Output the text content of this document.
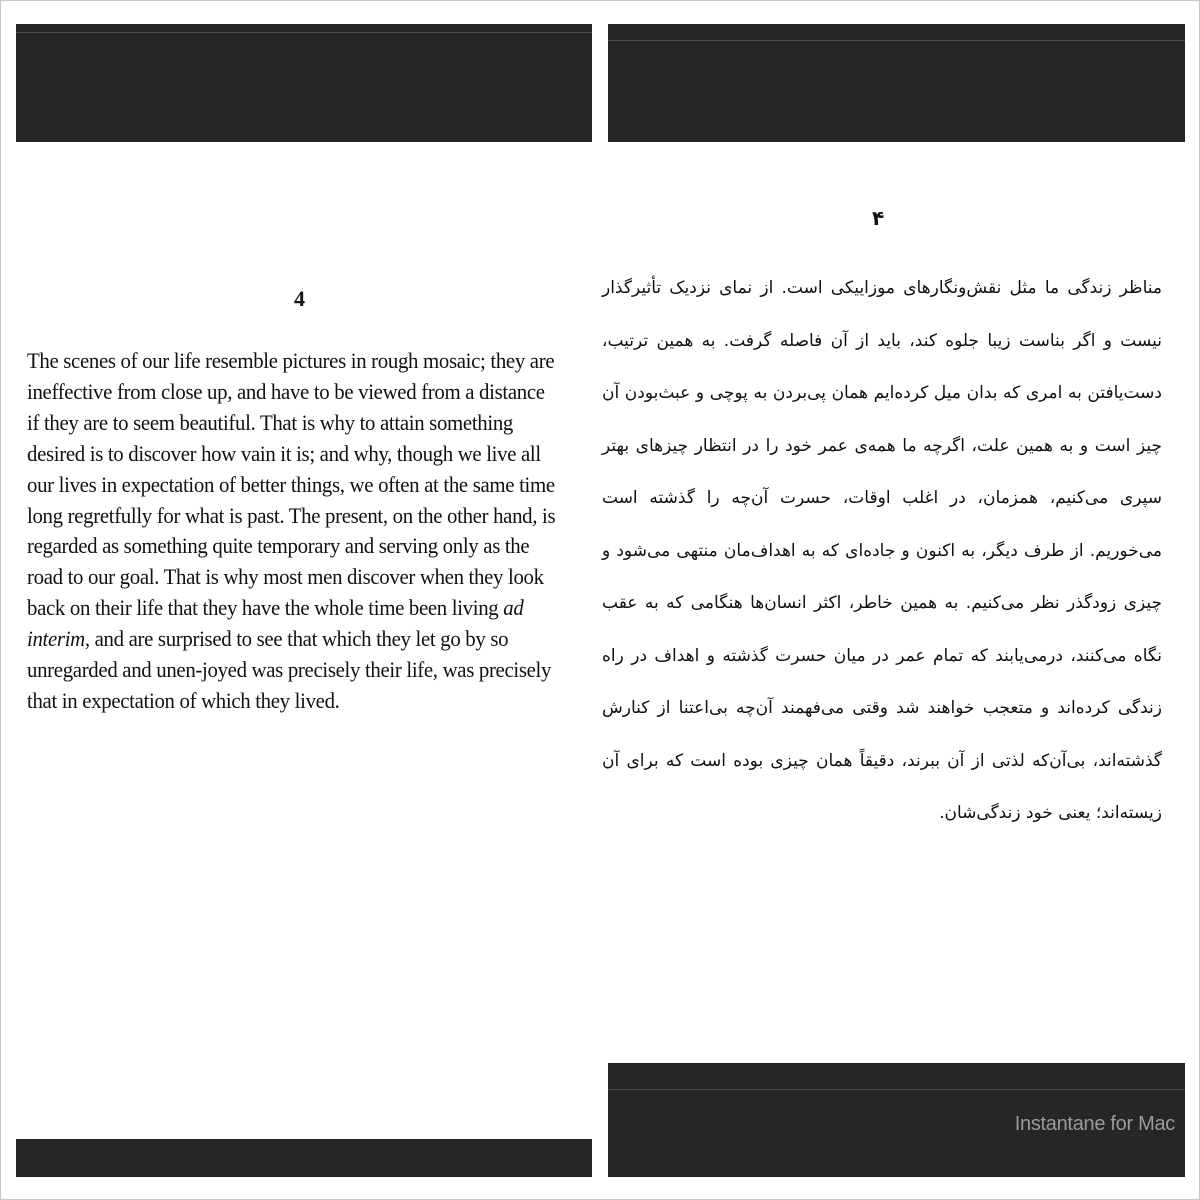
4

The scenes of our life resemble pictures in rough mosaic; they are ineffective from close up, and have to be viewed from a distance if they are to seem beautiful. That is why to attain something desired is to discover how vain it is; and why, though we live all our lives in expectation of better things, we often at the same time long regretfully for what is past. The present, on the other hand, is regarded as something quite temporary and serving only as the road to our goal. That is why most men discover when they look back on their life that they have the whole time been living ad interim, and are surprised to see that which they let go by so unregarded and unen-joyed was precisely their life, was precisely that in expectation of which they lived.

۴

مناظر زندگی ما مثل نقش‌ونگارهای موزاییکی است. از نمای نزدیک تأثیرگذار نیست و اگر بناست زیبا جلوه کند، باید از آن فاصله گرفت. به همین ترتیب، دست‌یافتن به امری که بدان میل کرده‌ایم همان پی‌بردن به پوچی و عبث‌بودن آن چیز است و به همین علت، اگرچه ما همه‌ی عمر خود را در انتظار چیزهای بهتر سپری می‌کنیم، همزمان، در اغلب اوقات، حسرت آن‌چه را گذشته است می‌خوریم. از طرف دیگر، به اکنون و جاده‌ای که به اهداف‌مان منتهی می‌شود و چیزی زودگذر نظر می‌کنیم. به همین خاطر، اکثر انسان‌ها هنگامی که به عقب نگاه می‌کنند، درمی‌یابند که تمام عمر در میان حسرت گذشته و اهداف در راه زندگی کرده‌اند و متعجب خواهند شد وقتی می‌فهمند آن‌چه بی‌اعتنا از کنارش گذشته‌اند، بی‌آن‌که لذتی از آن ببرند، دقیقاً همان چیزی بوده است که برای آن زیسته‌اند؛ یعنی خود زندگی‌شان.

Instantane for Mac
